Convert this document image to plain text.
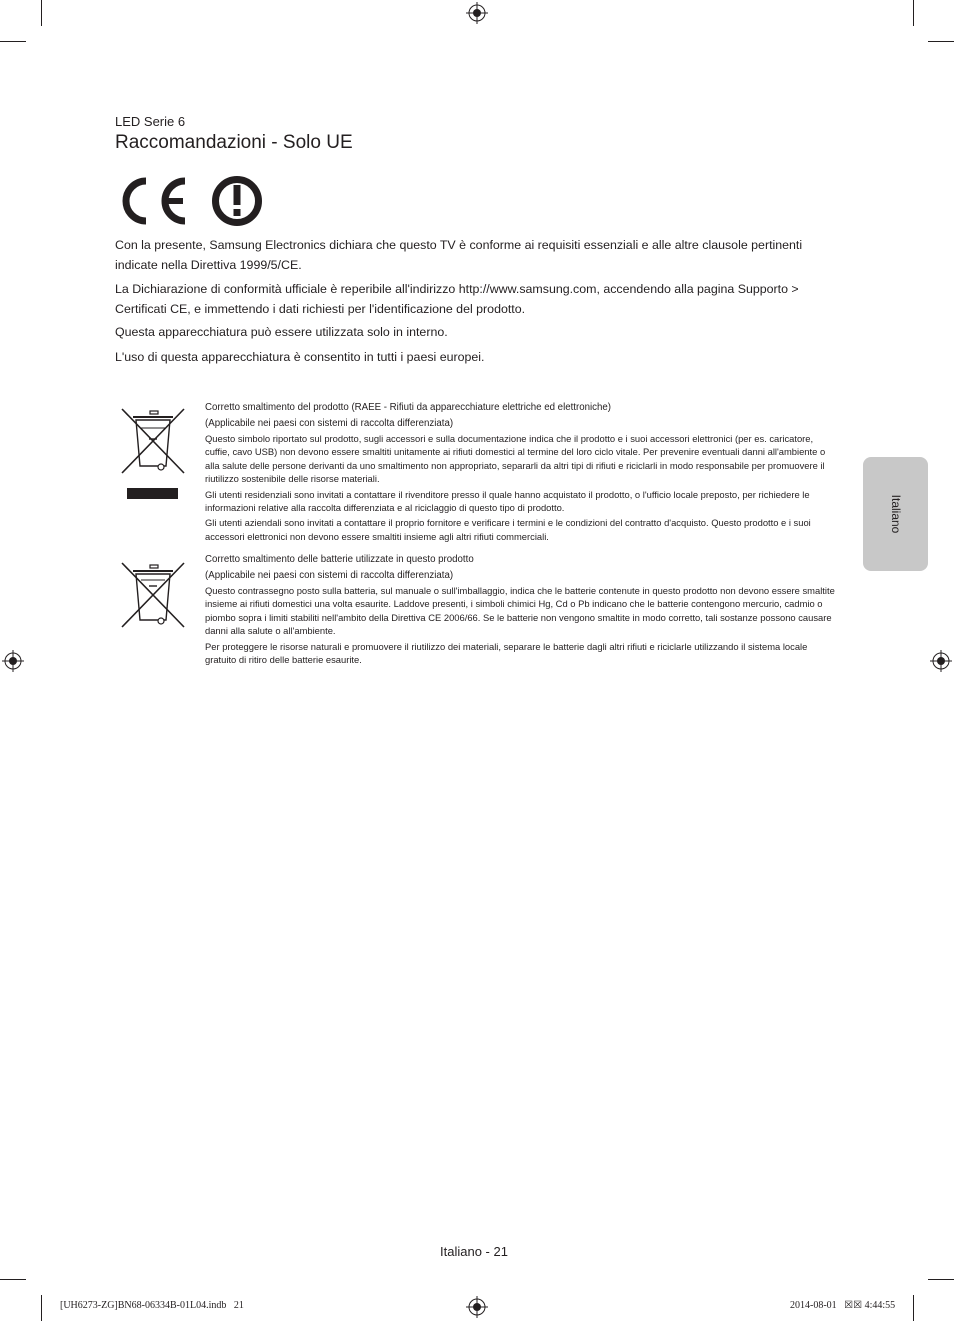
LED Serie 6
Raccomandazioni - Solo UE

Con la presente, Samsung Electronics dichiara che questo TV è conforme ai requisiti essenziali e alle altre clausole pertinenti indicate nella Direttiva 1999/5/CE.

La Dichiarazione di conformità ufficiale è reperibile all'indirizzo http://www.samsung.com, accendendo alla pagina Supporto > Certificati CE, e immettendo i dati richiesti per l'identificazione del prodotto.

Questa apparecchiatura può essere utilizzata solo in interno.

L'uso di questa apparecchiatura è consentito in tutti i paesi europei.

Corretto smaltimento del prodotto (RAEE - Rifiuti da apparecchiature elettriche ed elettroniche)

(Applicabile nei paesi con sistemi di raccolta differenziata)

Questo simbolo riportato sul prodotto, sugli accessori e sulla documentazione indica che il prodotto e i suoi accessori elettronici (per es. caricatore, cuffie, cavo USB) non devono essere smaltiti unitamente ai rifiuti domestici al termine del loro ciclo vitale. Per prevenire eventuali danni all'ambiente o alla salute delle persone derivanti da uno smaltimento non appropriato, separarli da altri tipi di rifiuti e riciclarli in modo responsabile per promuovere il riutilizzo sostenibile delle risorse materiali.

Gli utenti residenziali sono invitati a contattare il rivenditore presso il quale hanno acquistato il prodotto, o l'ufficio locale preposto, per richiedere le informazioni relative alla raccolta differenziata e al riciclaggio di questo tipo di prodotto.

Gli utenti aziendali sono invitati a contattare il proprio fornitore e verificare i termini e le condizioni del contratto d'acquisto. Questo prodotto e i suoi accessori elettronici non devono essere smaltiti insieme agli altri rifiuti commerciali.

Corretto smaltimento delle batterie utilizzate in questo prodotto

(Applicabile nei paesi con sistemi di raccolta differenziata)

Questo contrassegno posto sulla batteria, sul manuale o sull'imballaggio, indica che le batterie contenute in questo prodotto non devono essere smaltite insieme ai rifiuti domestici una volta esaurite. Laddove presenti, i simboli chimici Hg, Cd o Pb indicano che le batterie contengono mercurio, cadmio o piombo sopra i limiti stabiliti nell'ambito della Direttiva CE 2006/66. Se le batterie non vengono smaltite in modo corretto, tali sostanze possono causare danni alla salute o all'ambiente.

Per proteggere le risorse naturali e promuovere il riutilizzo dei materiali, separare le batterie dagli altri rifiuti e riciclarle utilizzando il sistema locale gratuito di ritiro delle batterie esaurite.

Italiano
Italiano - 21
[UH6273-ZG]BN68-06334B-01L04.indb   21	2014-08-01   ☒☒ 4:44:55
